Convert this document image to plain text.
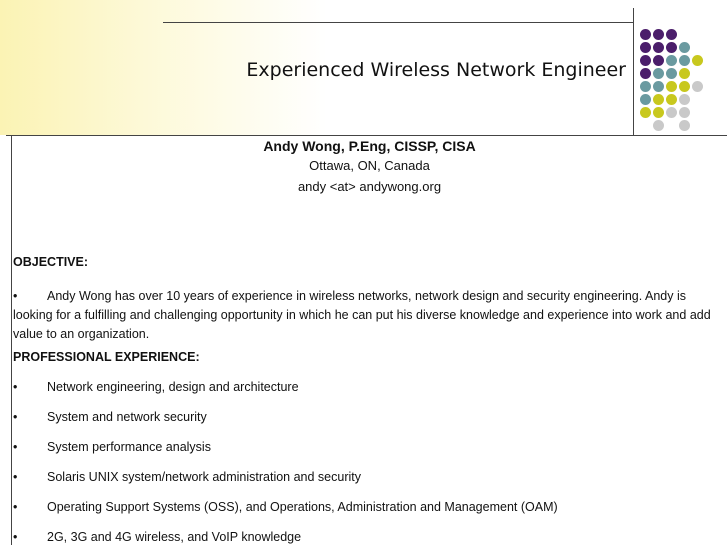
Experienced Wireless Network Engineer
Andy Wong, P.Eng, CISSP, CISA
Ottawa, ON, Canada
andy <at> andywong.org
OBJECTIVE:
• Andy Wong has over 10 years of experience in wireless networks, network design and security engineering. Andy is looking for a fulfilling and challenging opportunity in which he can put his diverse knowledge and experience into work and add value to an organization.
PROFESSIONAL EXPERIENCE:
• Network engineering, design and architecture
• System and network security
• System performance analysis
• Solaris UNIX system/network administration and security
• Operating Support Systems (OSS), and Operations, Administration and Management (OAM)
• 2G, 3G and 4G wireless, and VoIP knowledge
